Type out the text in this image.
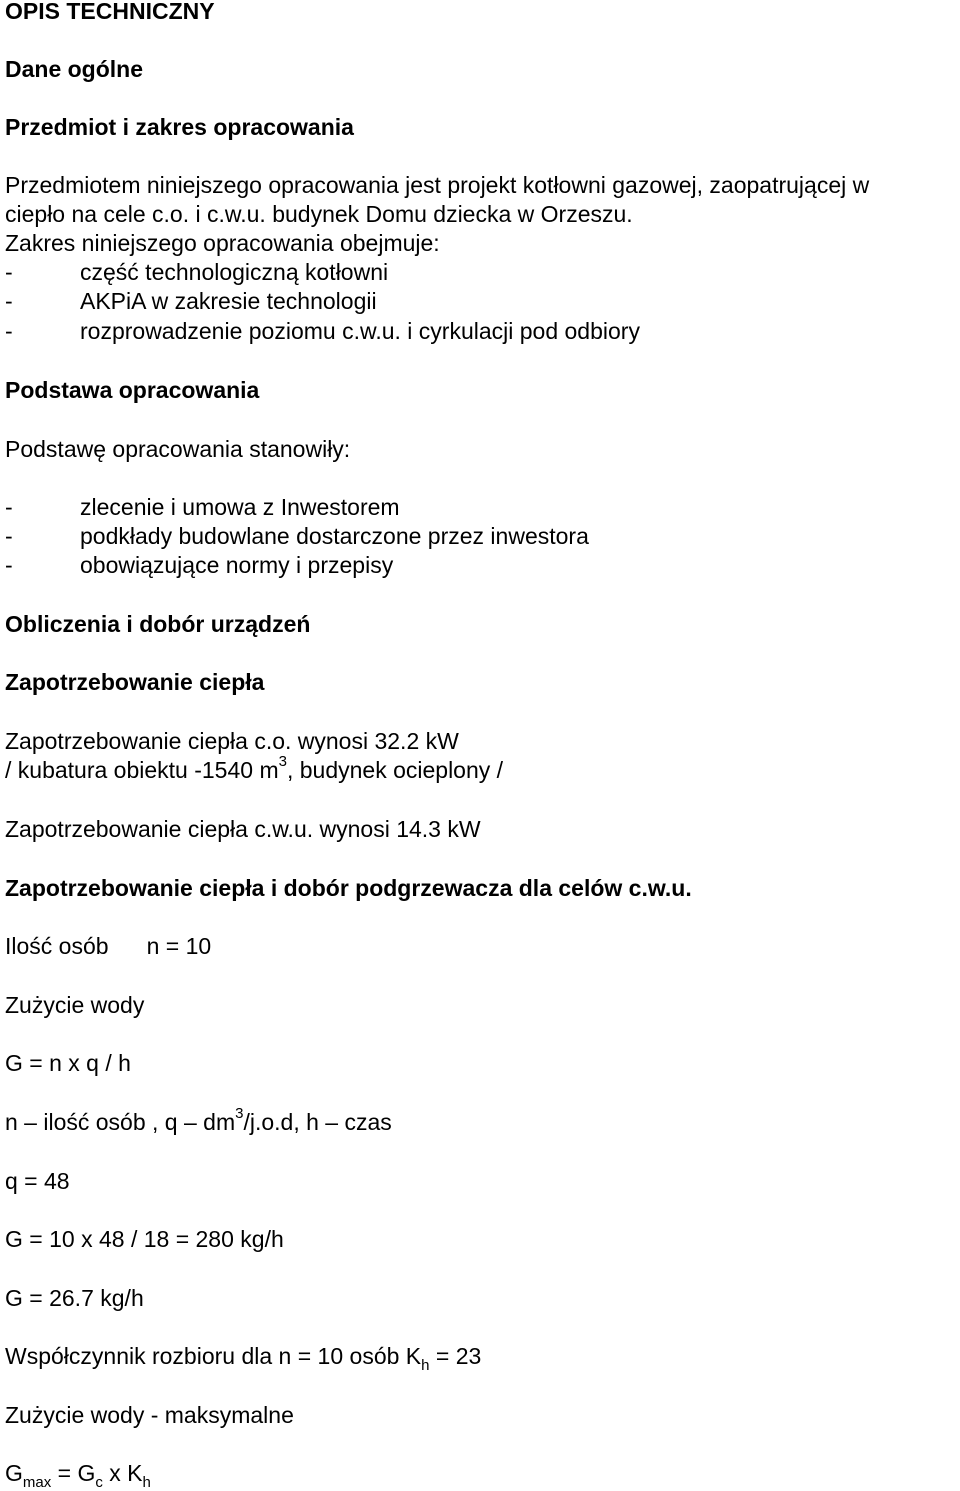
OPIS TECHNICZNY
Dane ogólne
Przedmiot i zakres opracowania
Przedmiotem niniejszego opracowania jest projekt kotłowni gazowej, zaopatrującej w
ciepło na cele c.o. i c.w.u. budynek Domu dziecka w Orzeszu.
Zakres niniejszego opracowania obejmuje:
-	część technologiczną kotłowni
-	AKPiA w zakresie technologii
-	rozprowadzenie poziomu c.w.u. i cyrkulacji pod odbiory
Podstawa opracowania
Podstawę opracowania stanowiły:
-	zlecenie i umowa z Inwestorem
-	podkłady budowlane dostarczone przez inwestora
-	obowiązujące normy i przepisy
Obliczenia i dobór urządzeń
Zapotrzebowanie ciepła
Zapotrzebowanie ciepła c.o. wynosi 32.2 kW
/ kubatura obiektu -1540 $m^3$, budynek ocieplony /
Zapotrzebowanie ciepła c.w.u. wynosi 14.3 kW
Zapotrzebowanie ciepła i dobór podgrzewacza dla celów c.w.u.
Ilość osób n = 10
Zużycie wody
G = n x q / h
n – ilość osób , q – $dm^3/j.o.d$, h – czas
q = 48
G = 10 x 48 / 18 = 280 kg/h
G = 26.7 kg/h
Współczynnik rozbioru dla n = 10 osób $K_h = 23$
Zużycie wody - maksymalne
$G_{max} = G_c$ x $K_h$
